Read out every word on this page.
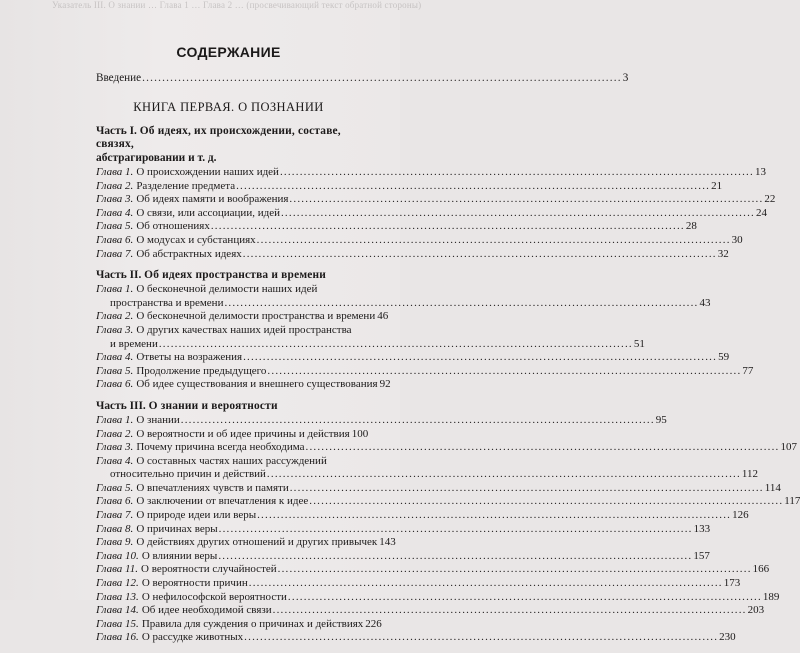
Указатель III. О знании … Глава 1 … Глава 2 … (просвечивающий текст обратной стороны)
СОДЕРЖАНИЕ
Введение .....	3
КНИГА ПЕРВАЯ. О ПОЗНАНИИ
Часть I. Об идеях, их происхождении, составе, связях,
абстрагировании и т. д.
Глава 1. О происхождении наших идей .....	13
Глава 2. Разделение предмета .....	21
Глава 3. Об идеях памяти и воображения .....	22
Глава 4. О связи, или ассоциации, идей .....	24
Глава 5. Об отношениях .....	28
Глава 6. О модусах и субстанциях .....	30
Глава 7. Об абстрактных идеях .....	32
Часть II. Об идеях пространства и времени
Глава 1. О бесконечной делимости наших идей
пространства и времени .....	43
Глава 2. О бесконечной делимости пространства и времени 46
Глава 3. О других качествах наших идей пространства
и времени .....	51
Глава 4. Ответы на возражения .....	59
Глава 5. Продолжение предыдущего .....	77
Глава 6. Об идее существования и внешнего существования 92
Часть III. О знании и вероятности
Глава 1. О знании .....	95
Глава 2. О вероятности и об идее причины и действия 100
Глава 3. Почему причина всегда необходима .....	107
Глава 4. О составных частях наших рассуждений
относительно причин и действий .....	112
Глава 5. О впечатлениях чувств и памяти .....	114
Глава 6. О заключении от впечатления к идее .....	117
Глава 7. О природе идеи или веры .....	126
Глава 8. О причинах веры .....	133
Глава 9. О действиях других отношений и других привычек 143
Глава 10. О влиянии веры .....	157
Глава 11. О вероятности случайностей .....	166
Глава 12. О вероятности причин .....	173
Глава 13. О нефилософской вероятности .....	189
Глава 14. Об идее необходимой связи .....	203
Глава 15. Правила для суждения о причинах и действиях 226
Глава 16. О рассудке животных .....	230
